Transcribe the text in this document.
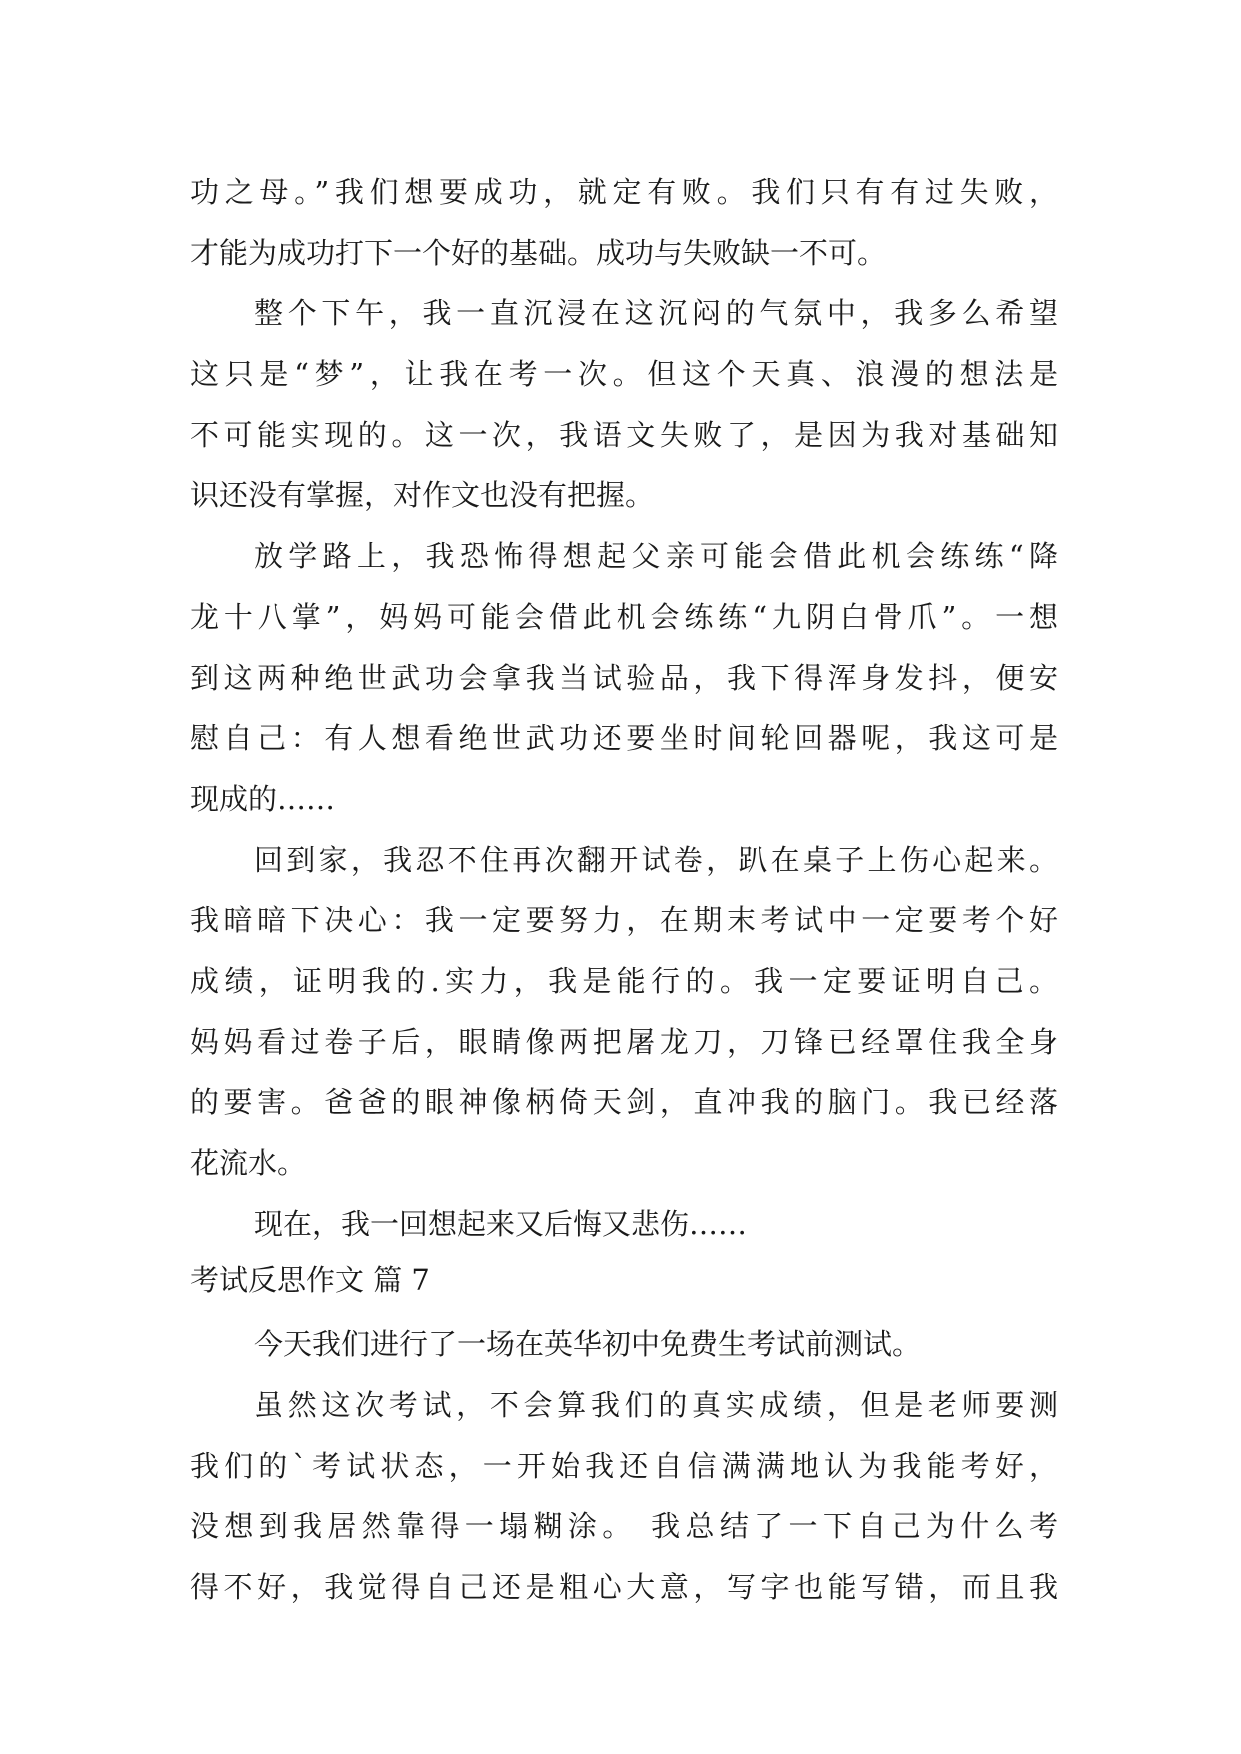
功之母。”我们想要成功，就定有败。我们只有有过失败，
才能为成功打下一个好的基础。成功与失败缺一不可。
整个下午，我一直沉浸在这沉闷的气氛中，我多么希望
这只是“梦”，让我在考一次。但这个天真、浪漫的想法是
不可能实现的。这一次，我语文失败了，是因为我对基础知
识还没有掌握，对作文也没有把握。
放学路上，我恐怖得想起父亲可能会借此机会练练“降
龙十八掌”，妈妈可能会借此机会练练“九阴白骨爪”。一想
到这两种绝世武功会拿我当试验品，我下得浑身发抖，便安
慰自己：有人想看绝世武功还要坐时间轮回器呢，我这可是
现成的……
回到家，我忍不住再次翻开试卷，趴在桌子上伤心起来。
我暗暗下决心：我一定要努力，在期末考试中一定要考个好
成绩，证明我的.实力，我是能行的。我一定要证明自己。
妈妈看过卷子后，眼睛像两把屠龙刀，刀锋已经罩住我全身
的要害。爸爸的眼神像柄倚天剑，直冲我的脑门。我已经落
花流水。
现在，我一回想起来又后悔又悲伤……
考试反思作文 篇 7
今天我们进行了一场在英华初中免费生考试前测试。
虽然这次考试，不会算我们的真实成绩，但是老师要测
我们的`考试状态，一开始我还自信满满地认为我能考好，
没想到我居然靠得一塌糊涂。 我总结了一下自己为什么考
得不好，我觉得自己还是粗心大意，写字也能写错，而且我
